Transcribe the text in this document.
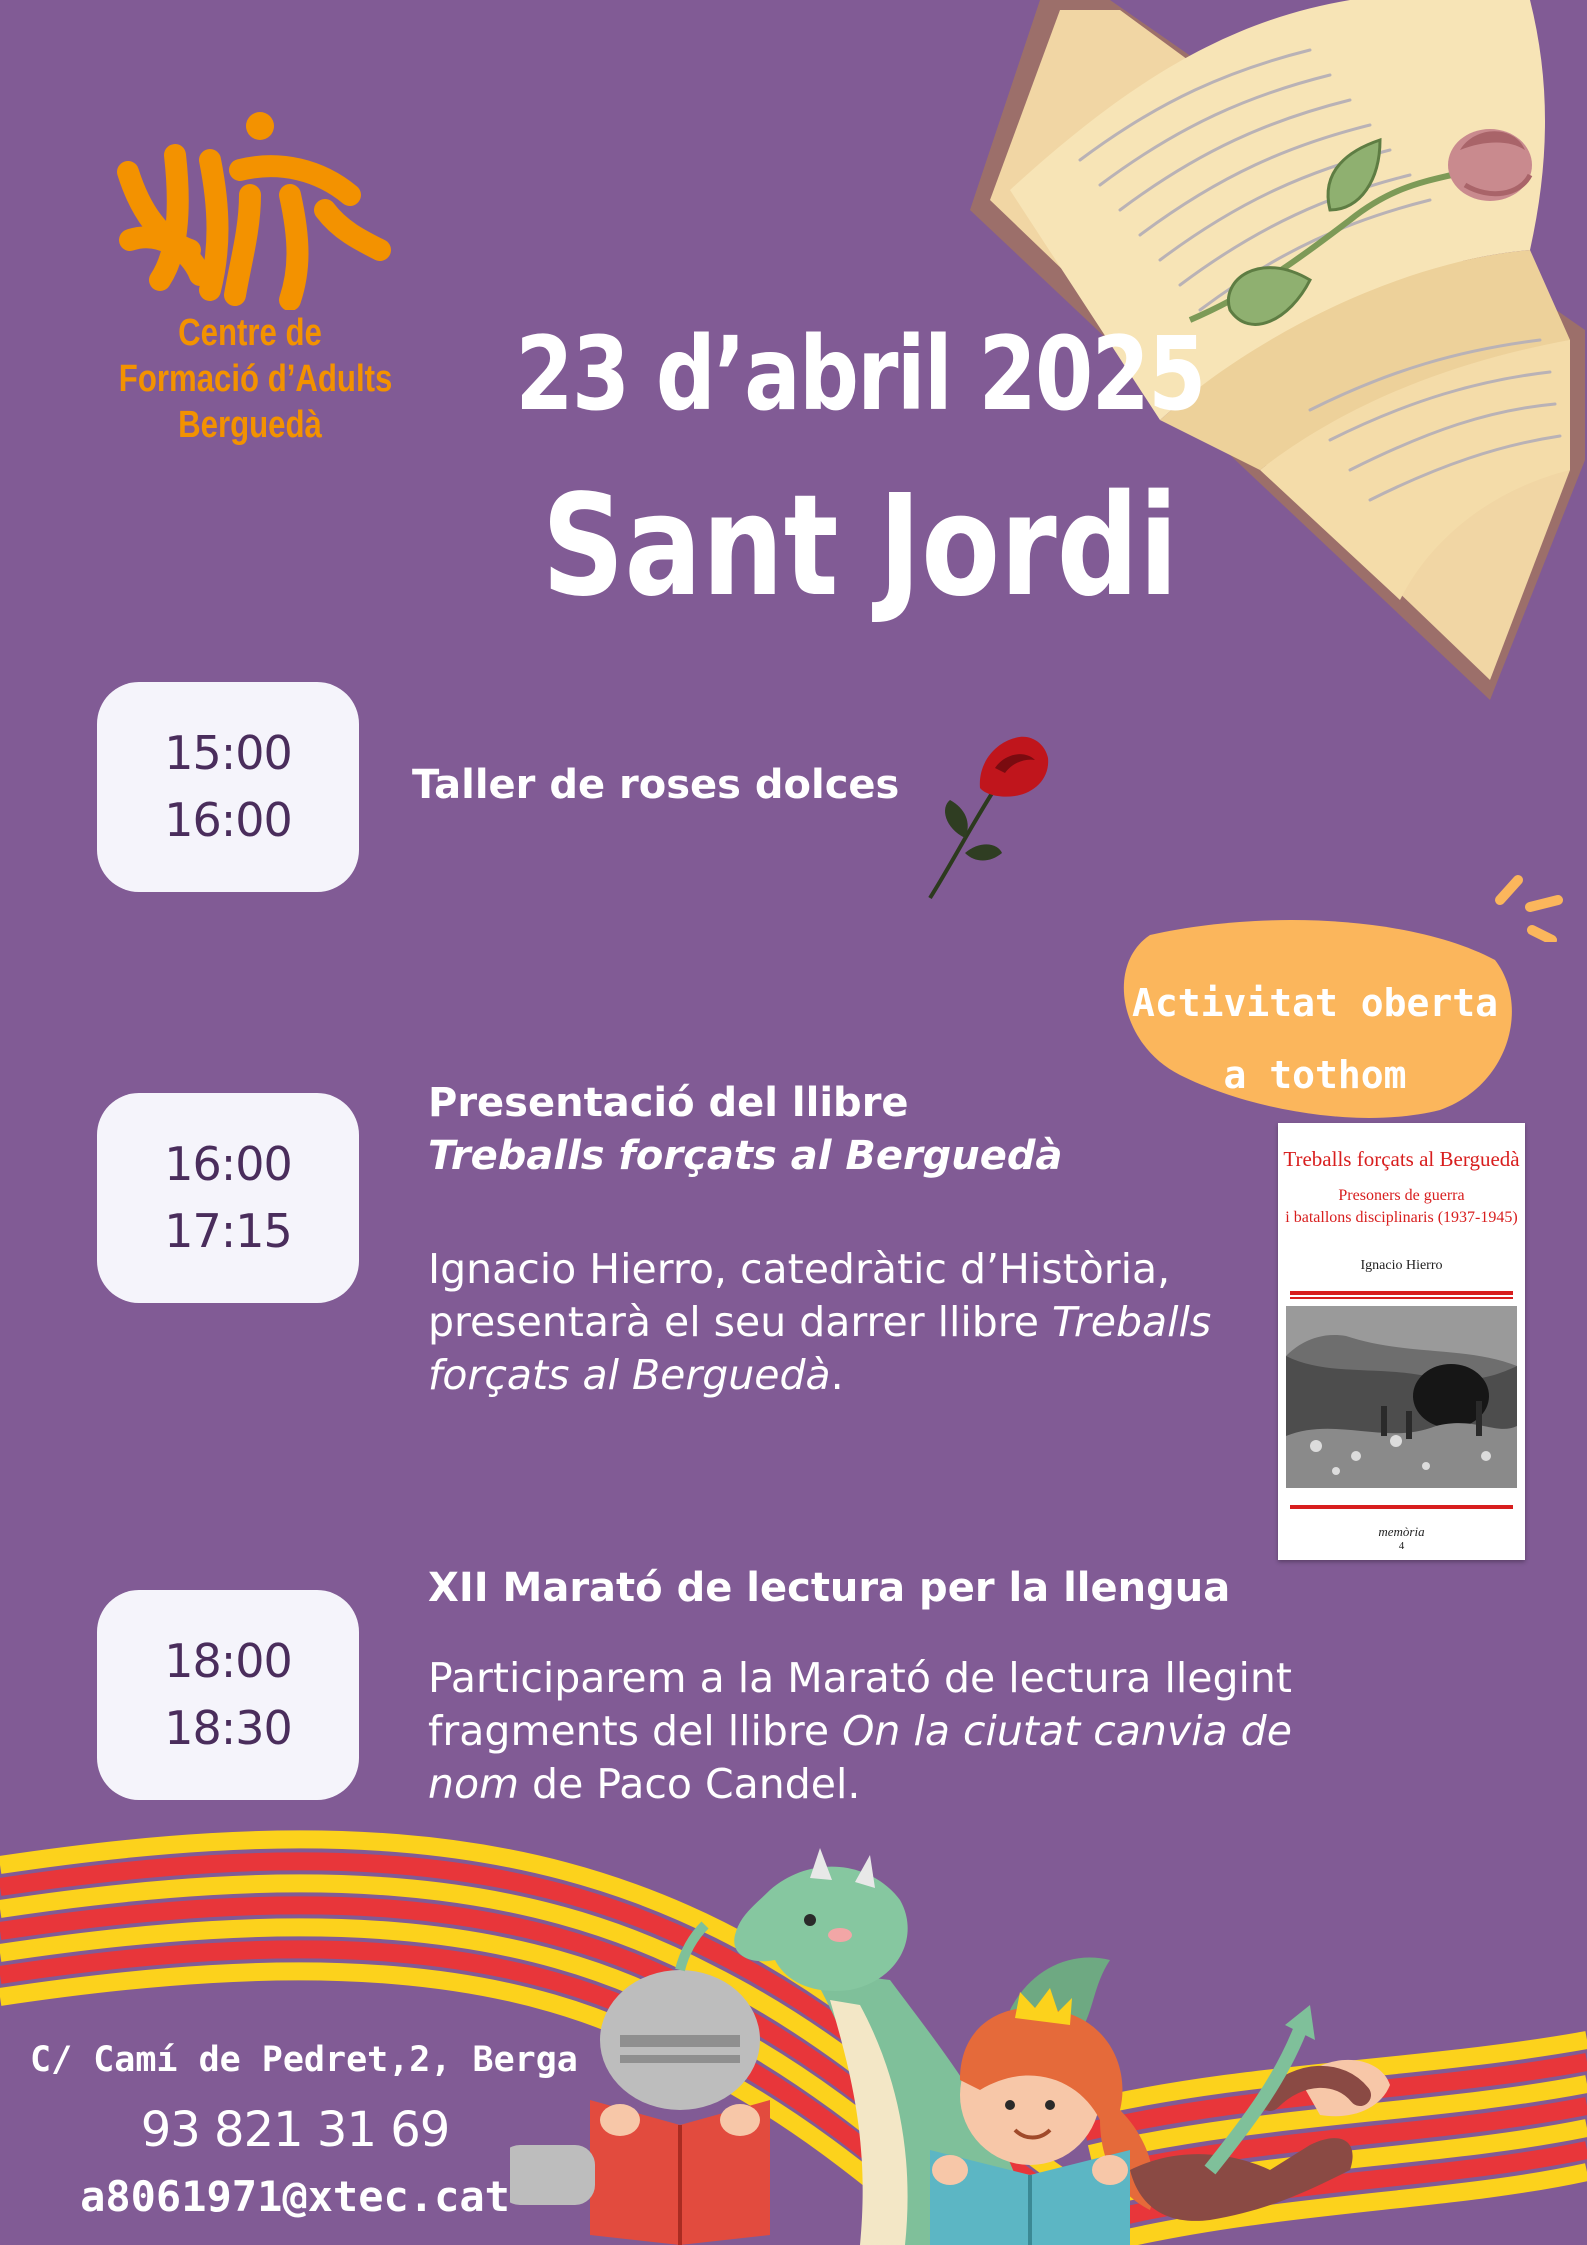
Centre de
Formació d’Adults
Berguedà	23 d’abril 2025
Sant Jordi
15:00
16:00
Taller de roses dolces
Activitat oberta
a tothom
16:00
17:15
Presentació del llibre
Treballs forçats al Berguedà
Ignacio Hierro, catedràtic d’Història,
presentarà el seu darrer llibre Treballs
forçats al Berguedà.
Treballs forçats al Berguedà
Presoners de guerra
i batallons disciplinaris (1937-1945)
Ignacio Hierro
memòria
4
18:00
18:30
XII Marató de lectura per la llengua
Participarem a la Marató de lectura llegint
fragments del llibre On la ciutat canvia de
nom de Paco Candel.
C/ Camí de Pedret,2, Berga
93 821 31 69
a8061971@xtec.cat
